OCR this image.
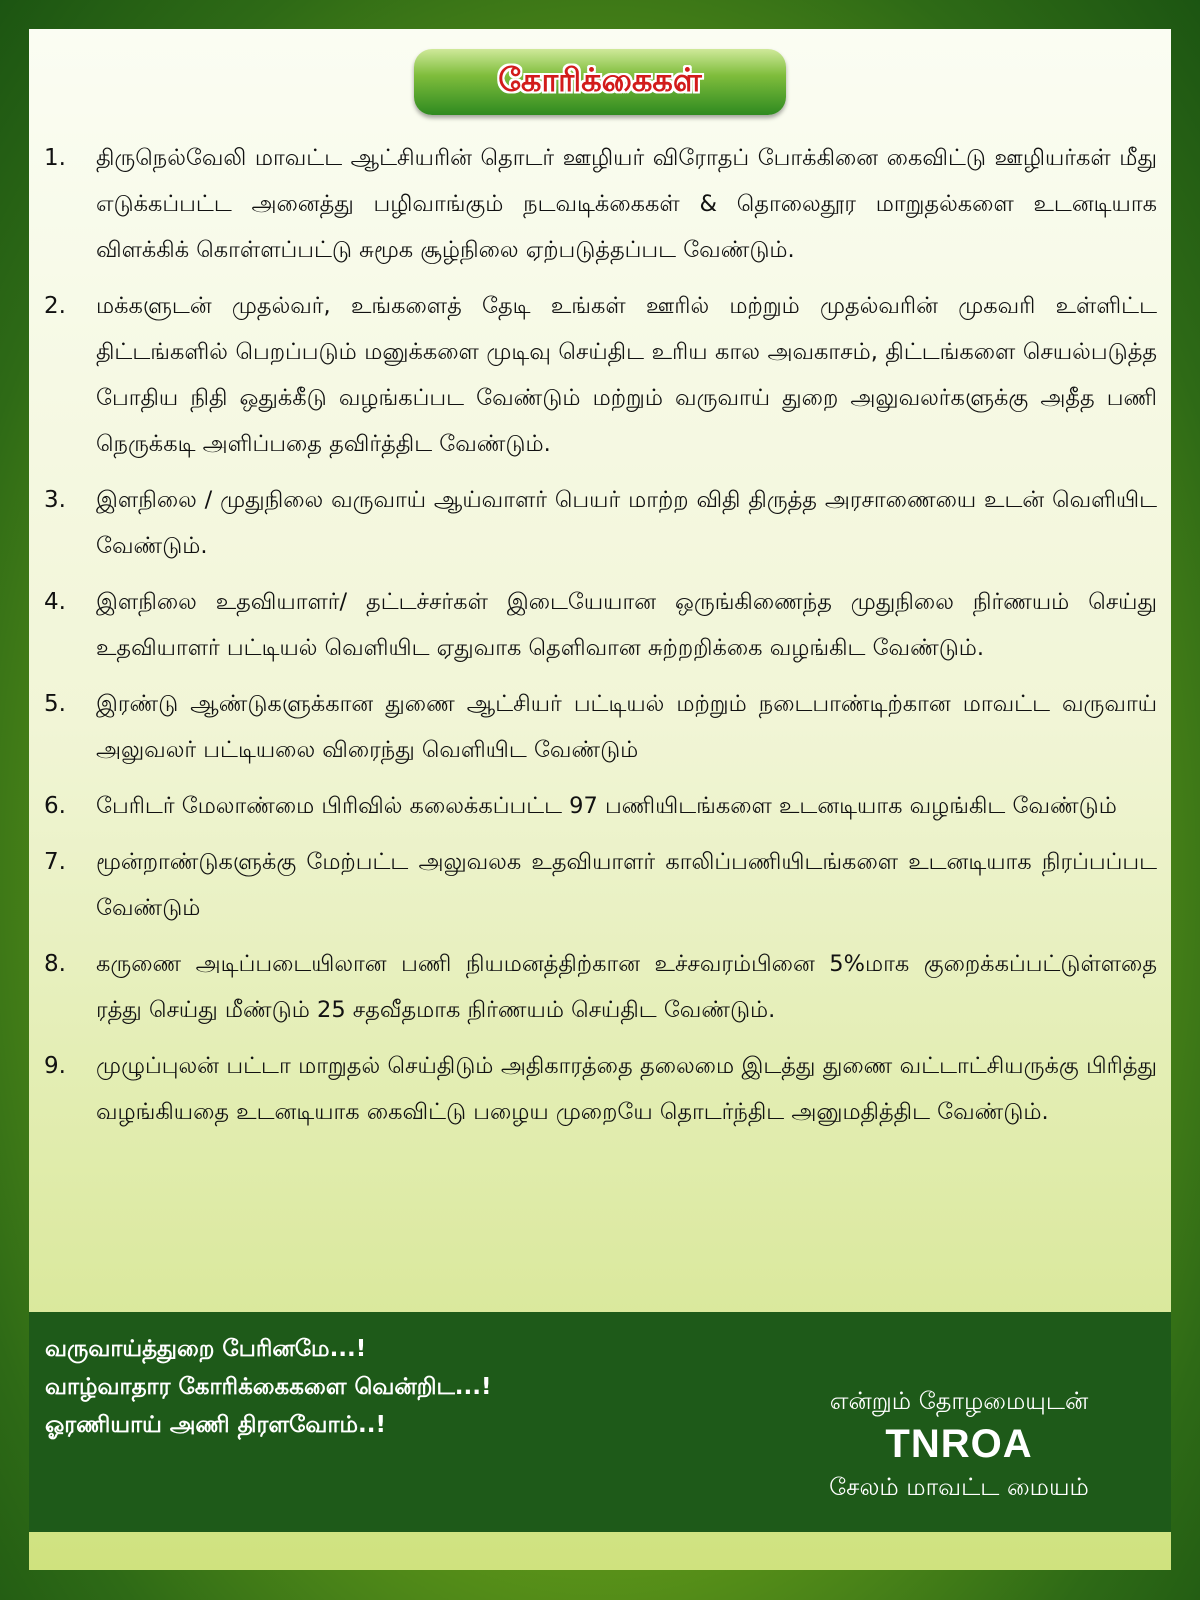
கோரிக்கைகள்
1.	திருநெல்வேலி மாவட்ட ஆட்சியரின் தொடர் ஊழியர் விரோதப் போக்கினை கைவிட்டு ஊழியர்கள் மீது எடுக்கப்பட்ட அனைத்து பழிவாங்கும் நடவடிக்கைகள் & தொலைதூர மாறுதல்களை உடனடியாக விளக்கிக் கொள்ளப்பட்டு சுமூக சூழ்நிலை ஏற்படுத்தப்பட வேண்டும்.
2.	மக்களுடன் முதல்வர், உங்களைத் தேடி உங்கள் ஊரில் மற்றும் முதல்வரின் முகவரி உள்ளிட்ட திட்டங்களில் பெறப்படும் மனுக்களை முடிவு செய்திட உரிய கால அவகாசம், திட்டங்களை செயல்படுத்த போதிய நிதி ஒதுக்கீடு வழங்கப்பட வேண்டும் மற்றும் வருவாய் துறை அலுவலர்களுக்கு அதீத பணி நெருக்கடி அளிப்பதை தவிர்த்திட வேண்டும்.
3.	இளநிலை / முதுநிலை வருவாய் ஆய்வாளர் பெயர் மாற்ற விதி திருத்த அரசாணையை உடன் வெளியிட வேண்டும்.
4.	இளநிலை உதவியாளர்/ தட்டச்சர்கள் இடையேயான ஒருங்கிணைந்த முதுநிலை நிர்ணயம் செய்து உதவியாளர் பட்டியல் வெளியிட ஏதுவாக தெளிவான சுற்றறிக்கை வழங்கிட வேண்டும்.
5.	இரண்டு ஆண்டுகளுக்கான துணை ஆட்சியர் பட்டியல் மற்றும் நடைபாண்டிற்கான மாவட்ட வருவாய் அலுவலர் பட்டியலை விரைந்து வெளியிட வேண்டும்
6.	பேரிடர் மேலாண்மை பிரிவில் கலைக்கப்பட்ட 97 பணியிடங்களை உடனடியாக வழங்கிட வேண்டும்
7.	மூன்றாண்டுகளுக்கு மேற்பட்ட அலுவலக உதவியாளர் காலிப்பணியிடங்களை உடனடியாக நிரப்பப்பட வேண்டும்
8.	கருணை அடிப்படையிலான பணி நியமனத்திற்கான உச்சவரம்பினை 5%மாக குறைக்கப்பட்டுள்ளதை ரத்து செய்து மீண்டும் 25 சதவீதமாக நிர்ணயம் செய்திட வேண்டும்.
9.	முழுப்புலன் பட்டா மாறுதல் செய்திடும் அதிகாரத்தை தலைமை இடத்து துணை வட்டாட்சியருக்கு பிரித்து வழங்கியதை உடனடியாக கைவிட்டு பழைய முறையே தொடர்ந்திட அனுமதித்திட வேண்டும்.
வருவாய்த்துறை பேரினமே...!
வாழ்வாதார கோரிக்கைகளை வென்றிட...!
ஓரணியாய் அணி திரளவோம்..!
என்றும் தோழமையுடன்
TNROA
சேலம் மாவட்ட மையம்
